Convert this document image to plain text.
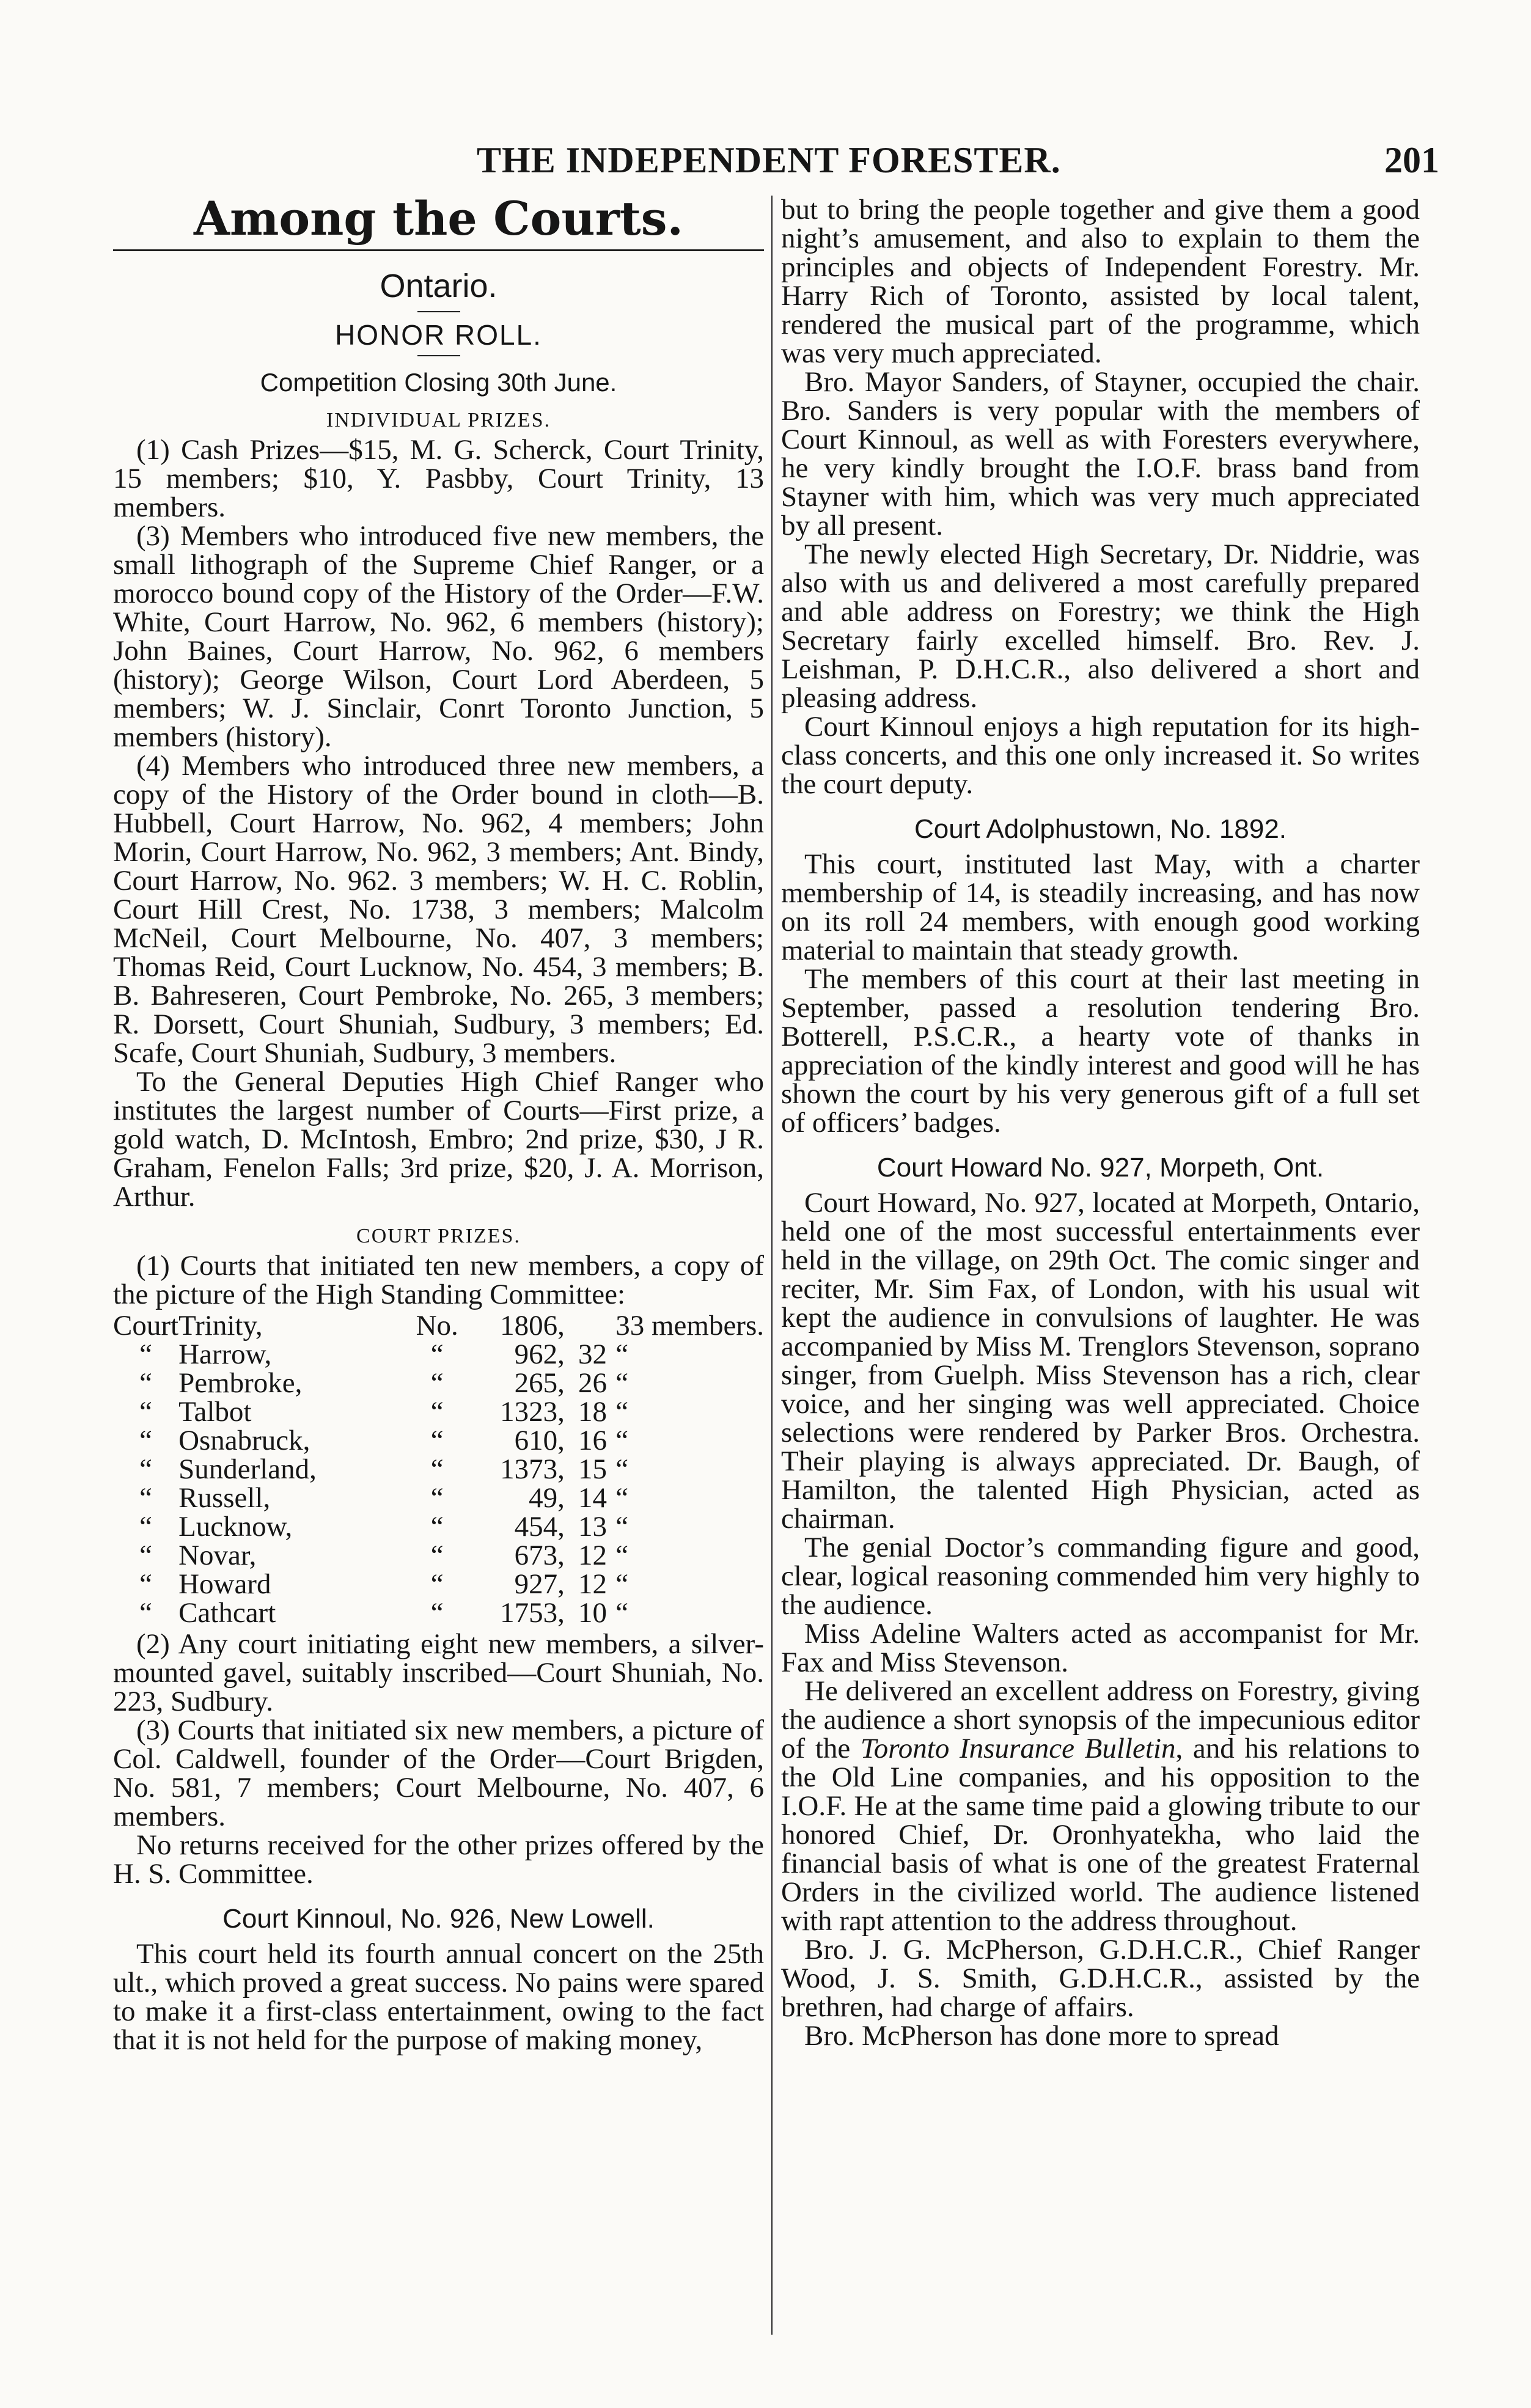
THE INDEPENDENT FORESTER.	201
Among the Courts.
Ontario.
HONOR ROLL.
Competition Closing 30th June.
INDIVIDUAL PRIZES.

(1) Cash Prizes—$15, M. G. Scherck, Court Trinity, 15 members; $10, Y. Pasbby, Court Trinity, 13 members.

(3) Members who introduced five new members, the small lithograph of the Supreme Chief Ranger, or a morocco bound copy of the History of the Order—F.W. White, Court Harrow, No. 962, 6 members (history); John Baines, Court Harrow, No. 962, 6 members (history); George Wilson, Court Lord Aberdeen, 5 members; W. J. Sinclair, Conrt Toronto Junction, 5 members (history).

(4) Members who introduced three new members, a copy of the History of the Order bound in cloth—B. Hubbell, Court Harrow, No. 962, 4 members; John Morin, Court Harrow, No. 962, 3 members; Ant. Bindy, Court Harrow, No. 962. 3 members; W. H. C. Roblin, Court Hill Crest, No. 1738, 3 members; Malcolm McNeil, Court Melbourne, No. 407, 3 members; Thomas Reid, Court Lucknow, No. 454, 3 members; B. B. Bahreseren, Court Pembroke, No. 265, 3 members; R. Dorsett, Court Shuniah, Sudbury, 3 members; Ed. Scafe, Court Shuniah, Sudbury, 3 members.

To the General Deputies High Chief Ranger who institutes the largest number of Courts—First prize, a gold watch, D. McIntosh, Embro; 2nd prize, $30, J R. Graham, Fenelon Falls; 3rd prize, $20, J. A. Morrison, Arthur.

COURT PRIZES.

(1) Courts that initiated ten new members, a copy of the picture of the High Standing Committee:

Court	Trinity,	No.	1806,		33 members.
“	Harrow,	“	962,	32	“
“	Pembroke,	“	265,	26	“
“	Talbot	“	1323,	18	“
“	Osnabruck,	“	610,	16	“
“	Sunderland,	“	1373,	15	“
“	Russell,	“	49,	14	“
“	Lucknow,	“	454,	13	“
“	Novar,	“	673,	12	“
“	Howard	“	927,	12	“
“	Cathcart	“	1753,	10	“

(2) Any court initiating eight new members, a silver-mounted gavel, suitably inscribed—Court Shuniah, No. 223, Sudbury.

(3) Courts that initiated six new members, a picture of Col. Caldwell, founder of the Order—Court Brigden, No. 581, 7 members; Court Melbourne, No. 407, 6 members.

No returns received for the other prizes offered by the H. S. Committee.

Court Kinnoul, No. 926, New Lowell.

This court held its fourth annual concert on the 25th ult., which proved a great success. No pains were spared to make it a first-class entertainment, owing to the fact that it is not held for the purpose of making money,

but to bring the people together and give them a good night’s amusement, and also to explain to them the principles and objects of Independent Forestry. Mr. Harry Rich of Toronto, assisted by local talent, rendered the musical part of the programme, which was very much appreciated.

Bro. Mayor Sanders, of Stayner, occupied the chair. Bro. Sanders is very popular with the members of Court Kinnoul, as well as with Foresters everywhere, he very kindly brought the I.O.F. brass band from Stayner with him, which was very much appreciated by all present.

The newly elected High Secretary, Dr. Niddrie, was also with us and delivered a most carefully prepared and able address on Forestry; we think the High Secretary fairly excelled himself. Bro. Rev. J. Leishman, P. D.H.C.R., also delivered a short and pleasing address.

Court Kinnoul enjoys a high reputation for its high-class concerts, and this one only increased it. So writes the court deputy.

Court Adolphustown, No. 1892.

This court, instituted last May, with a charter membership of 14, is steadily increasing, and has now on its roll 24 members, with enough good working material to maintain that steady growth.

The members of this court at their last meeting in September, passed a resolution tendering Bro. Botterell, P.S.C.R., a hearty vote of thanks in appreciation of the kindly interest and good will he has shown the court by his very generous gift of a full set of officers’ badges.

Court Howard No. 927, Morpeth, Ont.

Court Howard, No. 927, located at Morpeth, Ontario, held one of the most successful entertainments ever held in the village, on 29th Oct. The comic singer and reciter, Mr. Sim Fax, of London, with his usual wit kept the audience in convulsions of laughter. He was accompanied by Miss M. Trenglors Stevenson, soprano singer, from Guelph. Miss Stevenson has a rich, clear voice, and her singing was well appreciated. Choice selections were rendered by Parker Bros. Orchestra. Their playing is always appreciated. Dr. Baugh, of Hamilton, the talented High Physician, acted as chairman.

The genial Doctor’s commanding figure and good, clear, logical reasoning commended him very highly to the audience.

Miss Adeline Walters acted as accompanist for Mr. Fax and Miss Stevenson.

He delivered an excellent address on Forestry, giving the audience a short synopsis of the impecunious editor of the Toronto Insurance Bulletin, and his relations to the Old Line companies, and his opposition to the I.O.F. He at the same time paid a glowing tribute to our honored Chief, Dr. Oronhyatekha, who laid the financial basis of what is one of the greatest Fraternal Orders in the civilized world. The audience listened with rapt attention to the address throughout.

Bro. J. G. McPherson, G.D.H.C.R., Chief Ranger Wood, J. S. Smith, G.D.H.C.R., assisted by the brethren, had charge of affairs.

Bro. McPherson has done more to spread
